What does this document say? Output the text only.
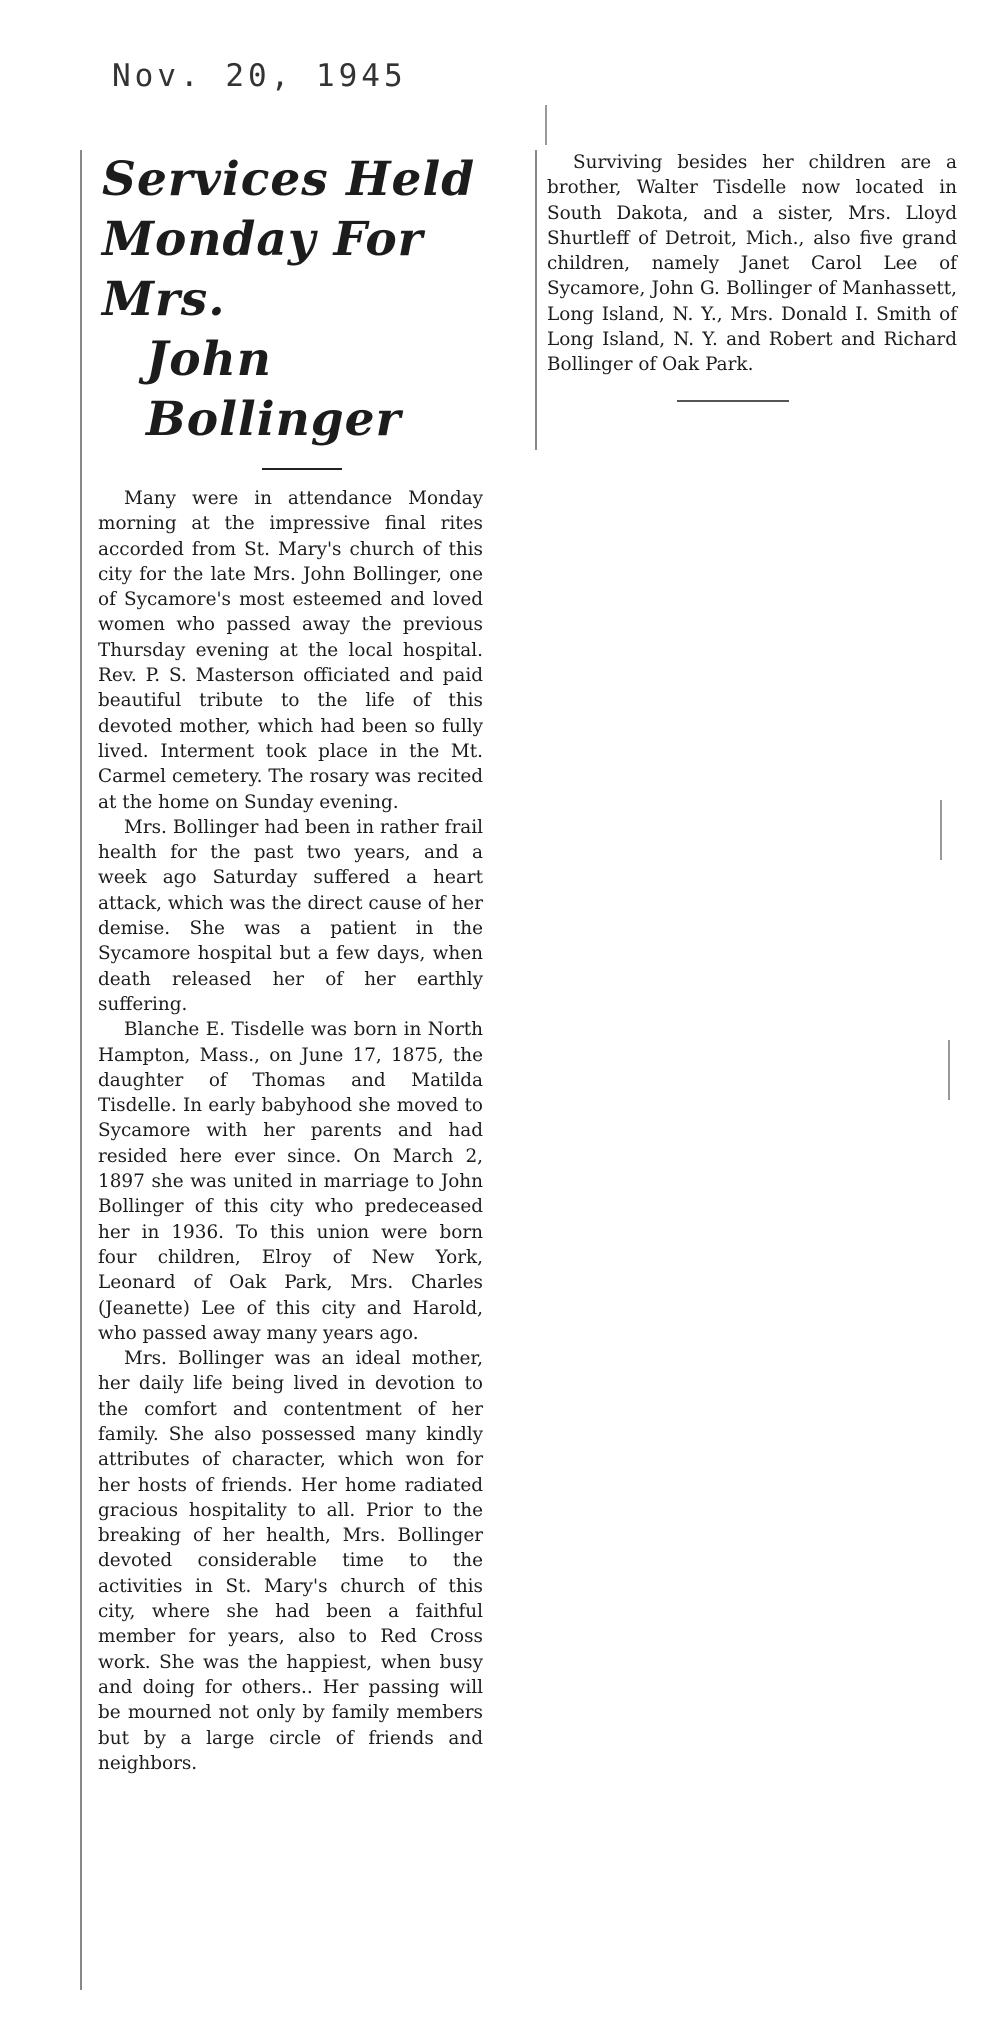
Nov. 20, 1945
Services Held
Monday For Mrs.
John Bollinger

Many were in attendance Monday morning at the impressive final rites accorded from St. Mary's church of this city for the late Mrs. John Bollinger, one of Sycamore's most esteemed and loved women who passed away the previous Thursday evening at the local hospital. Rev. P. S. Masterson officiated and paid beautiful tribute to the life of this devoted mother, which had been so fully lived. Interment took place in the Mt. Carmel cemetery. The rosary was recited at the home on Sunday evening.

Mrs. Bollinger had been in rather frail health for the past two years, and a week ago Saturday suffered a heart attack, which was the direct cause of her demise. She was a patient in the Sycamore hospital but a few days, when death released her of her earthly suffering.

Blanche E. Tisdelle was born in North Hampton, Mass., on June 17, 1875, the daughter of Thomas and Matilda Tisdelle. In early babyhood she moved to Sycamore with her parents and had resided here ever since. On March 2, 1897 she was united in marriage to John Bollinger of this city who predeceased her in 1936. To this union were born four children, Elroy of New York, Leonard of Oak Park, Mrs. Charles (Jeanette) Lee of this city and Harold, who passed away many years ago.

Mrs. Bollinger was an ideal mother, her daily life being lived in devotion to the comfort and contentment of her family. She also possessed many kindly attributes of character, which won for her hosts of friends. Her home radiated gracious hospitality to all. Prior to the breaking of her health, Mrs. Bollinger devoted considerable time to the activities in St. Mary's church of this city, where she had been a faithful member for years, also to Red Cross work. She was the happiest, when busy and doing for others.. Her passing will be mourned not only by family members but by a large circle of friends and neighbors.

Surviving besides her children are a brother, Walter Tisdelle now located in South Dakota, and a sister, Mrs. Lloyd Shurtleff of Detroit, Mich., also five grand children, namely Janet Carol Lee of Sycamore, John G. Bollinger of Manhassett, Long Island, N. Y., Mrs. Donald I. Smith of Long Island, N. Y. and Robert and Richard Bollinger of Oak Park.
